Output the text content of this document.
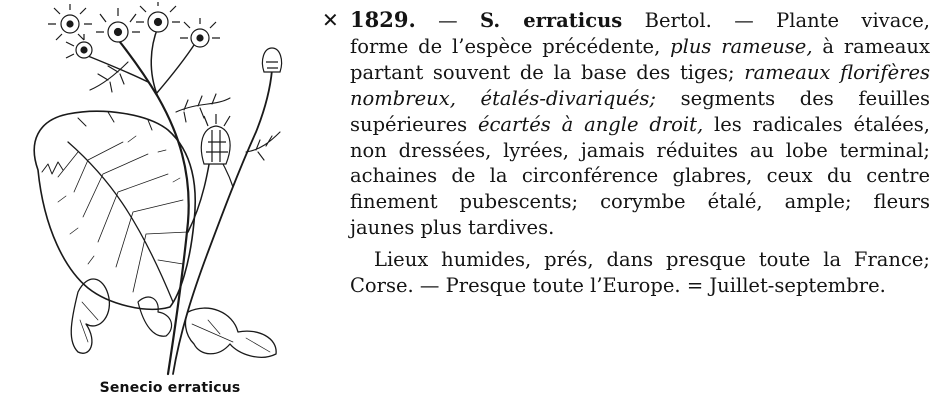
Senecio erraticus
✕ 1829. — S. erraticus Bertol. — Plante vivace,
forme de l’espèce précédente, plus rameuse, à rameaux
partant souvent de la base des tiges; rameaux florifères
nombreux, étalés-divariqués; segments des feuilles
supérieures écartés à angle droit, les radicales étalées,
non dressées, lyrées, jamais réduites au lobe terminal;
achaines de la circonférence glabres, ceux du centre
finement pubescents; corymbe étalé, ample; fleurs
jaunes plus tardives.
Lieux humides, prés, dans presque toute la France;
Corse. — Presque toute l’Europe. = Juillet-septembre.
